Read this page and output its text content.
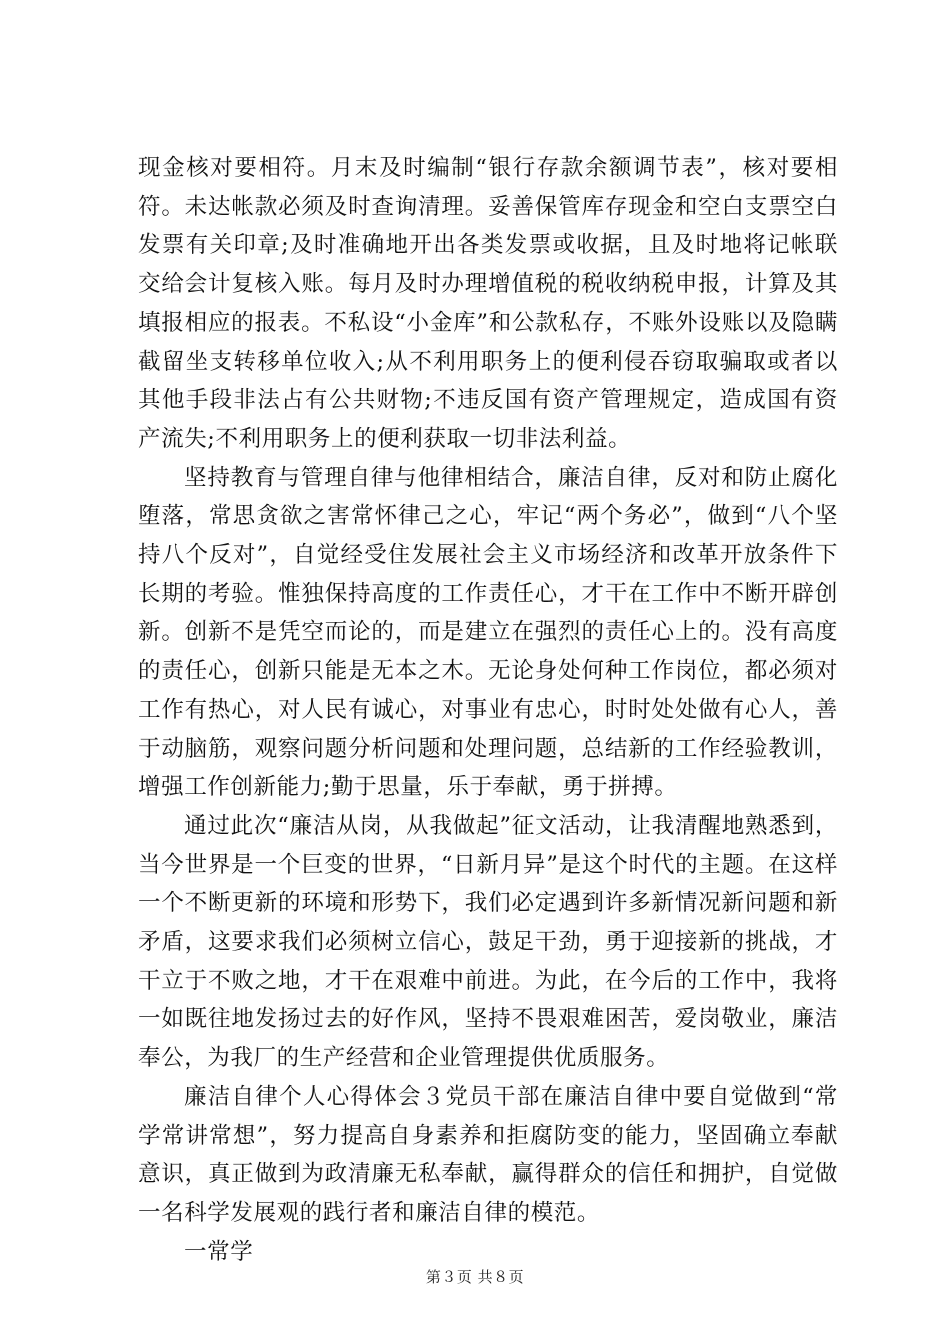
现金核对要相符。月末及时编制“银行存款余额调节表”，核对要相符。未达帐款必须及时查询清理。妥善保管库存现金和空白支票空白发票有关印章;及时准确地开出各类发票或收据，且及时地将记帐联交给会计复核入账。每月及时办理增值税的税收纳税申报，计算及其填报相应的报表。不私设“小金库”和公款私存，不账外设账以及隐瞒截留坐支转移单位收入;从不利用职务上的便利侵吞窃取骗取或者以其他手段非法占有公共财物;不违反国有资产管理规定，造成国有资产流失;不利用职务上的便利获取一切非法利益。

坚持教育与管理自律与他律相结合，廉洁自律，反对和防止腐化堕落，常思贪欲之害常怀律己之心，牢记“两个务必”，做到“八个坚持八个反对”，自觉经受住发展社会主义市场经济和改革开放条件下长期的考验。惟独保持高度的工作责任心，才干在工作中不断开辟创新。创新不是凭空而论的，而是建立在强烈的责任心上的。没有高度的责任心，创新只能是无本之木。无论身处何种工作岗位，都必须对工作有热心，对人民有诚心，对事业有忠心，时时处处做有心人，善于动脑筋，观察问题分析问题和处理问题，总结新的工作经验教训，增强工作创新能力;勤于思量，乐于奉献，勇于拼搏。

通过此次“廉洁从岗，从我做起”征文活动，让我清醒地熟悉到，当今世界是一个巨变的世界，“日新月异”是这个时代的主题。在这样一个不断更新的环境和形势下，我们必定遇到许多新情况新问题和新矛盾，这要求我们必须树立信心，鼓足干劲，勇于迎接新的挑战，才干立于不败之地，才干在艰难中前进。为此，在今后的工作中，我将一如既往地发扬过去的好作风，坚持不畏艰难困苦，爱岗敬业，廉洁奉公，为我厂的生产经营和企业管理提供优质服务。

廉洁自律个人心得体会３党员干部在廉洁自律中要自觉做到“常学常讲常想”，努力提高自身素养和拒腐防变的能力，坚固确立奉献意识，真正做到为政清廉无私奉献，赢得群众的信任和拥护，自觉做一名科学发展观的践行者和廉洁自律的模范。

一常学

第３页 共８页
